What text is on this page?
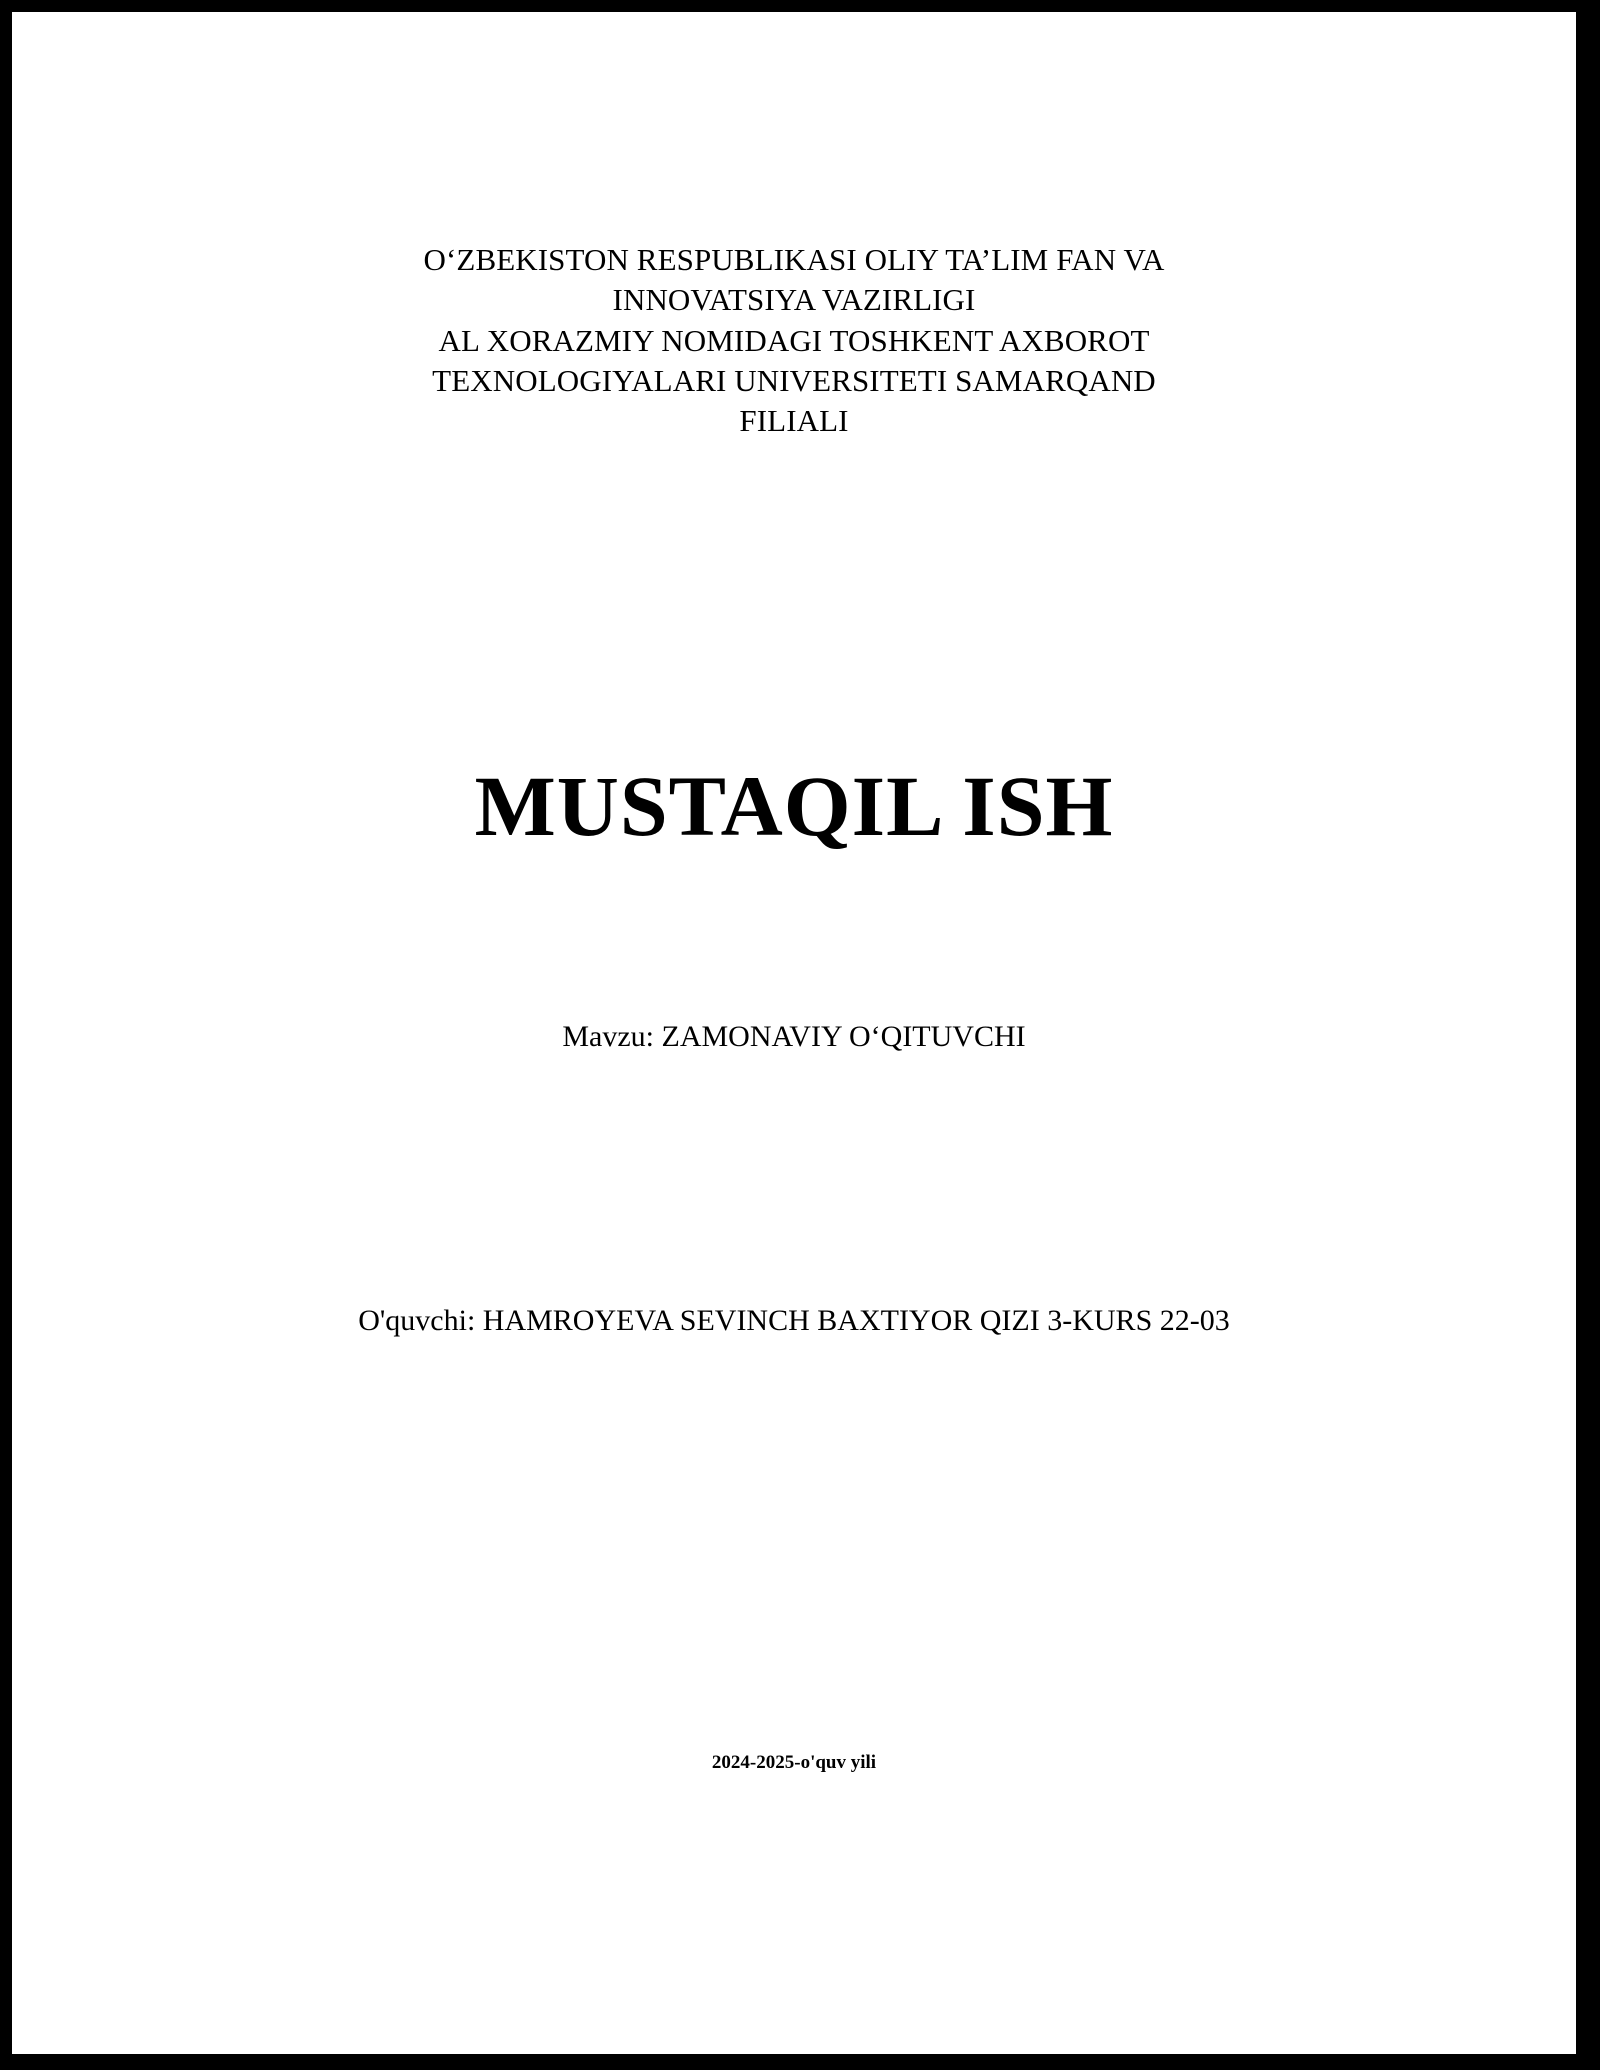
O‘ZBEKISTON RESPUBLIKASI OLIY TA’LIM FAN VA
INNOVATSIYA VAZIRLIGI
AL XORAZMIY NOMIDAGI TOSHKENT AXBOROT
TEXNOLOGIYALARI UNIVERSITETI SAMARQAND
FILIALI
MUSTAQIL ISH
Mavzu: ZAMONAVIY O‘QITUVCHI
O'quvchi: HAMROYEVA SEVINCH BAXTIYOR QIZI 3-KURS 22-03
2024-2025-o'quv yili
